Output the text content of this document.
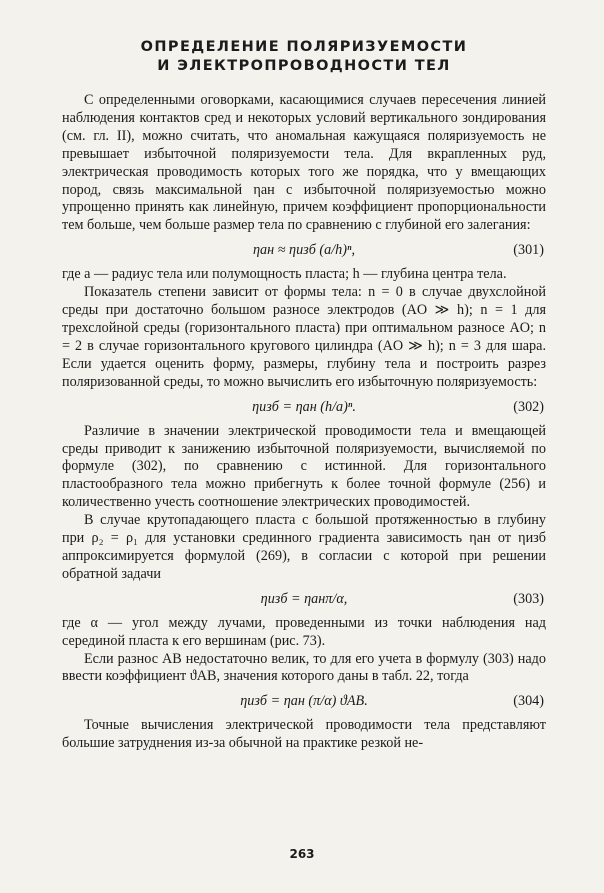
ОПРЕДЕЛЕНИЕ ПОЛЯРИЗУЕМОСТИ
И ЭЛЕКТРОПРОВОДНОСТИ ТЕЛ

С определенными оговорками, касающимися случаев пересечения линией наблюдения контактов сред и некоторых условий вертикального зондирования (см. гл. II), можно считать, что аномальная кажущаяся поляризуемость не превышает избыточной поляризуемости тела. Для вкрапленных руд, электрическая проводимость которых того же порядка, что у вмещающих пород, связь максимальной ηан с избыточной поляризуемостью можно упрощенно принять как линейную, причем коэффициент пропорциональности тем больше, чем больше размер тела по сравнению с глубиной его залегания:

ηан ≈ ηизб (a/h)ⁿ,	(301)

где a — радиус тела или полумощность пласта; h — глубина центра тела.

Показатель степени зависит от формы тела: n = 0 в случае двухслойной среды при достаточно большом разносе электродов (AO ≫ h); n = 1 для трехслойной среды (горизонтального пласта) при оптимальном разносе AO; n = 2 в случае горизонтального кругового цилиндра (AO ≫ h); n = 3 для шара. Если удается оценить форму, размеры, глубину тела и построить разрез поляризованной среды, то можно вычислить его избыточную поляризуемость:

ηизб = ηан (h/a)ⁿ.	(302)

Различие в значении электрической проводимости тела и вмещающей среды приводит к занижению избыточной поляризуемости, вычисляемой по формуле (302), по сравнению с истинной. Для горизонтального пластообразного тела можно прибегнуть к более точной формуле (256) и количественно учесть соотношение электрических проводимостей.

В случае крутопадающего пласта с большой протяженностью в глубину при ρ₂ = ρ₁ для установки срединного градиента зависимость ηан от ηизб аппроксимируется формулой (269), в согласии с которой при решении обратной задачи

ηизб = ηанπ/α,	(303)

где α — угол между лучами, проведенными из точки наблюдения над серединой пласта к его вершинам (рис. 73).

Если разнос AB недостаточно велик, то для его учета в формулу (303) надо ввести коэффициент ϑAB, значения которого даны в табл. 22, тогда

ηизб = ηан (π/α) ϑAB.	(304)

Точные вычисления электрической проводимости тела представляют большие затруднения из-за обычной на практике резкой не-

263
